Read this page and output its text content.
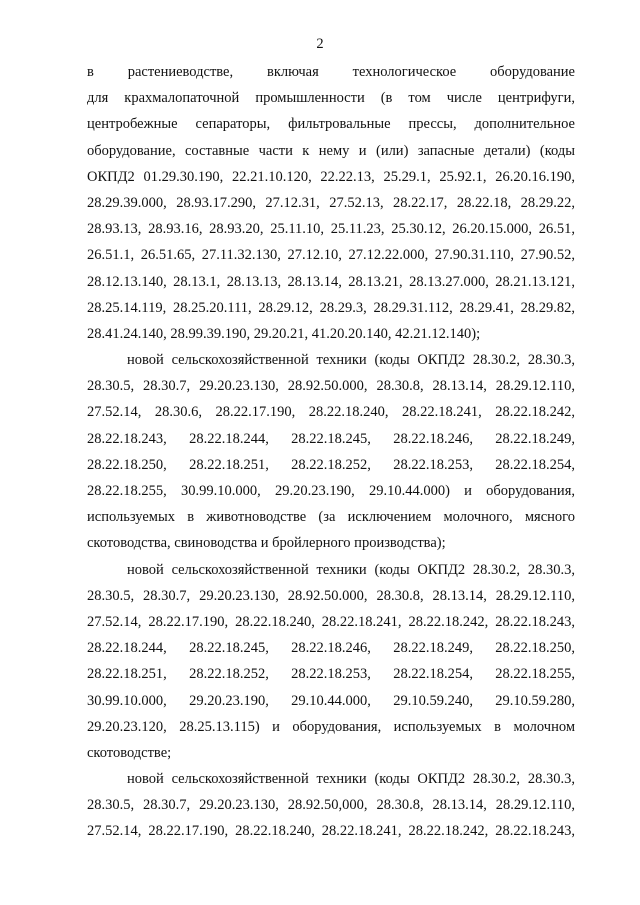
2
в растениеводстве, включая технологическое оборудование
для крахмалопаточной промышленности (в том числе центрифуги,
центробежные сепараторы, фильтровальные прессы, дополнительное
оборудование, составные части к нему и (или) запасные детали) (коды
ОКПД2 01.29.30.190, 22.21.10.120, 22.22.13, 25.29.1, 25.92.1, 26.20.16.190,
28.29.39.000, 28.93.17.290, 27.12.31, 27.52.13, 28.22.17, 28.22.18, 28.29.22,
28.93.13, 28.93.16, 28.93.20, 25.11.10, 25.11.23, 25.30.12, 26.20.15.000, 26.51,
26.51.1, 26.51.65, 27.11.32.130, 27.12.10, 27.12.22.000, 27.90.31.110, 27.90.52,
28.12.13.140, 28.13.1, 28.13.13, 28.13.14, 28.13.21, 28.13.27.000, 28.21.13.121,
28.25.14.119, 28.25.20.111, 28.29.12, 28.29.3, 28.29.31.112, 28.29.41, 28.29.82,
28.41.24.140, 28.99.39.190, 29.20.21, 41.20.20.140, 42.21.12.140);
новой сельскохозяйственной техники (коды ОКПД2 28.30.2, 28.30.3,
28.30.5, 28.30.7, 29.20.23.130, 28.92.50.000, 28.30.8, 28.13.14, 28.29.12.110,
27.52.14, 28.30.6, 28.22.17.190, 28.22.18.240, 28.22.18.241, 28.22.18.242,
28.22.18.243, 28.22.18.244, 28.22.18.245, 28.22.18.246, 28.22.18.249,
28.22.18.250, 28.22.18.251, 28.22.18.252, 28.22.18.253, 28.22.18.254,
28.22.18.255, 30.99.10.000, 29.20.23.190, 29.10.44.000) и оборудования,
используемых в животноводстве (за исключением молочного, мясного
скотоводства, свиноводства и бройлерного производства);
новой сельскохозяйственной техники (коды ОКПД2 28.30.2, 28.30.3,
28.30.5, 28.30.7, 29.20.23.130, 28.92.50.000, 28.30.8, 28.13.14, 28.29.12.110,
27.52.14, 28.22.17.190, 28.22.18.240, 28.22.18.241, 28.22.18.242, 28.22.18.243,
28.22.18.244, 28.22.18.245, 28.22.18.246, 28.22.18.249, 28.22.18.250,
28.22.18.251, 28.22.18.252, 28.22.18.253, 28.22.18.254, 28.22.18.255,
30.99.10.000, 29.20.23.190, 29.10.44.000, 29.10.59.240, 29.10.59.280,
29.20.23.120, 28.25.13.115) и оборудования, используемых в молочном
скотоводстве;
новой сельскохозяйственной техники (коды ОКПД2 28.30.2, 28.30.3,
28.30.5, 28.30.7, 29.20.23.130, 28.92.50,000, 28.30.8, 28.13.14, 28.29.12.110,
27.52.14, 28.22.17.190, 28.22.18.240, 28.22.18.241, 28.22.18.242, 28.22.18.243,
